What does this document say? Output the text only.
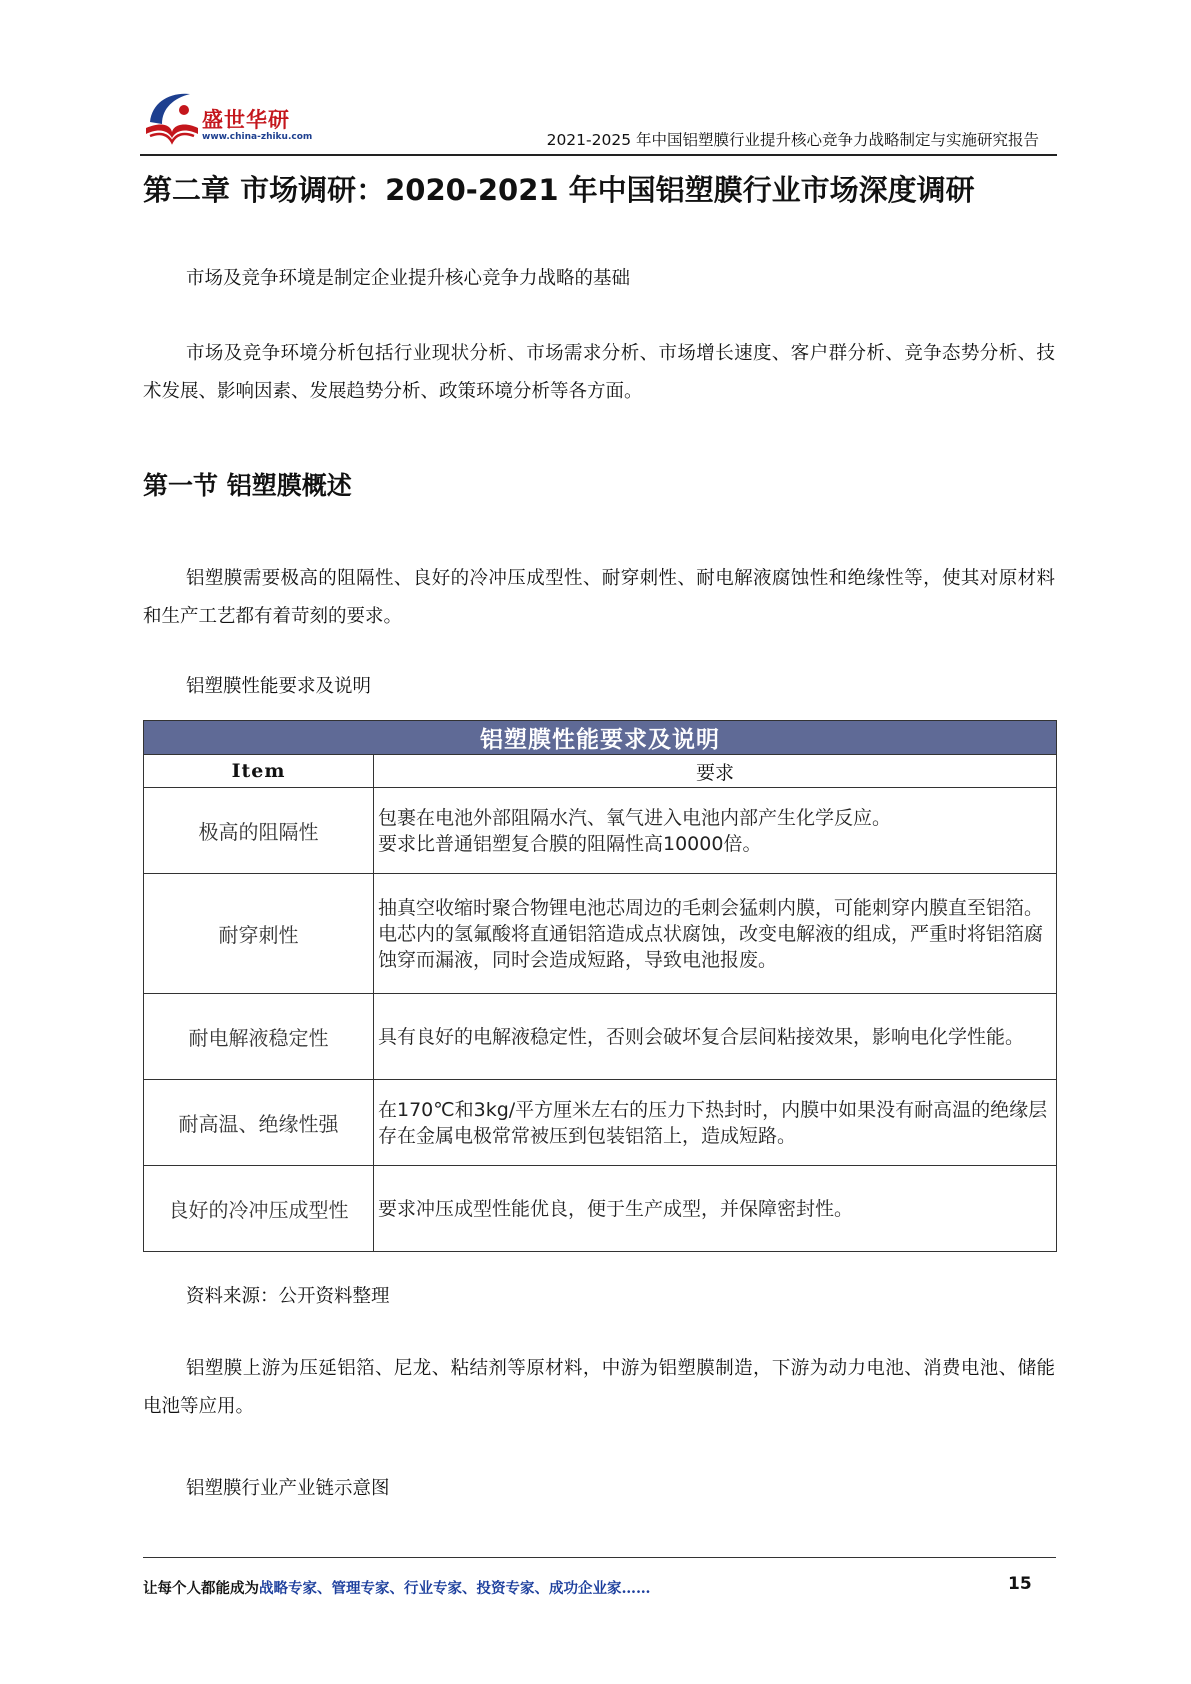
盛世华研
www.china-zhiku.com	2021-2025 年中国铝塑膜行业提升核心竞争力战略制定与实施研究报告
第二章 市场调研：2020-2021 年中国铝塑膜行业市场深度调研
市场及竞争环境是制定企业提升核心竞争力战略的基础
市场及竞争环境分析包括行业现状分析、市场需求分析、市场增长速度、客户群分析、竞争态势分析、技术发展、影响因素、发展趋势分析、政策环境分析等各方面。
第一节 铝塑膜概述
铝塑膜需要极高的阻隔性、良好的冷冲压成型性、耐穿刺性、耐电解液腐蚀性和绝缘性等，使其对原材料和生产工艺都有着苛刻的要求。
铝塑膜性能要求及说明
铝塑膜性能要求及说明	
Item	要求
极高的阻隔性	包裹在电池外部阻隔水汽、氧气进入电池内部产生化学反应。
要求比普通铝塑复合膜的阻隔性高10000倍。

耐穿刺性	抽真空收缩时聚合物锂电池芯周边的毛刺会猛刺内膜，可能刺穿内膜直至铝箔。
电芯内的氢氟酸将直通铝箔造成点状腐蚀，改变电解液的组成，严重时将铝箔腐蚀穿而漏液，同时会造成短路，导致电池报废。

耐电解液稳定性	具有良好的电解液稳定性，否则会破坏复合层间粘接效果，影响电化学性能。

耐高温、绝缘性强	在170℃和3kg/平方厘米左右的压力下热封时，内膜中如果没有耐高温的绝缘层存在金属电极常常被压到包装铝箔上，造成短路。

良好的冷冲压成型性	要求冲压成型性能优良，便于生产成型，并保障密封性。
资料来源：公开资料整理
铝塑膜上游为压延铝箔、尼龙、粘结剂等原材料，中游为铝塑膜制造，下游为动力电池、消费电池、储能电池等应用。
铝塑膜行业产业链示意图
让每个人都能成为战略专家、管理专家、行业专家、投资专家、成功企业家……	15
